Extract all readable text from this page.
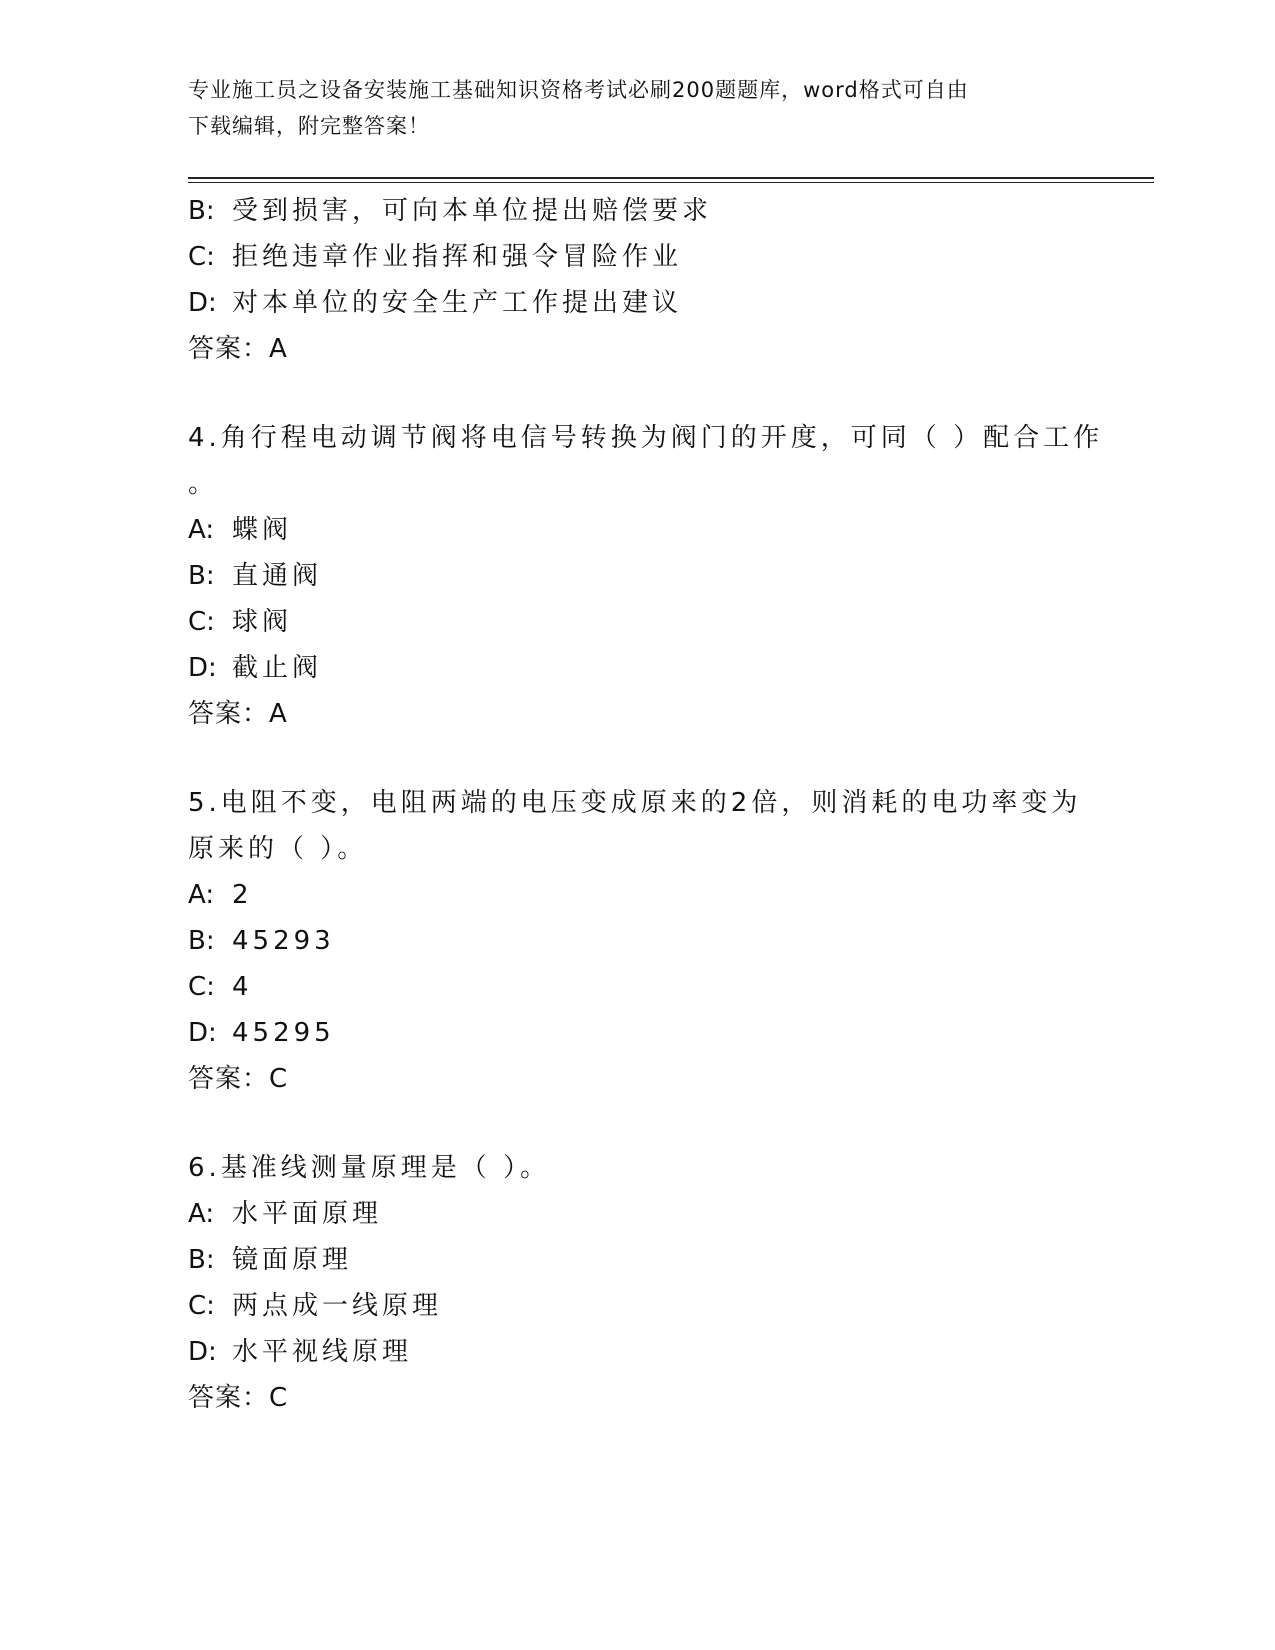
专业施工员之设备安装施工基础知识资格考试必刷200题题库，word格式可自由
下载编辑，附完整答案！
B: 受到损害，可向本单位提出赔偿要求
C: 拒绝违章作业指挥和强令冒险作业
D: 对本单位的安全生产工作提出建议
答案：A
4.角行程电动调节阀将电信号转换为阀门的开度，可同（ ）配合工作
。
A: 蝶阀
B: 直通阀
C: 球阀
D: 截止阀
答案：A
5.电阻不变，电阻两端的电压变成原来的2倍，则消耗的电功率变为
原来的（ ）。
A: 2
B: 45293
C: 4
D: 45295
答案：C
6.基准线测量原理是（ ）。
A: 水平面原理
B: 镜面原理
C: 两点成一线原理
D: 水平视线原理
答案：C
